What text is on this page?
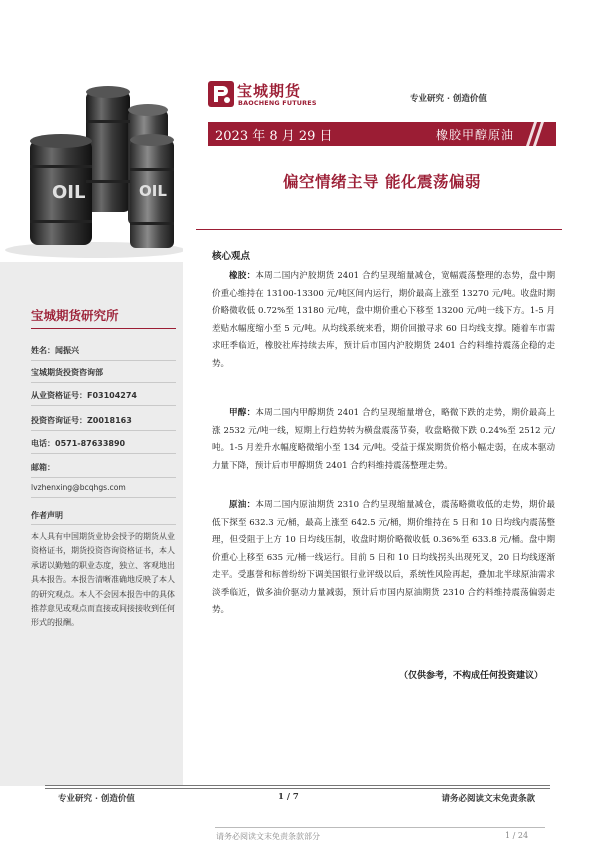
OIL	OIL
宝城期货研究所
姓名：闻振兴
宝城期货投资咨询部
从业资格证号：F03104274
投资咨询证号：Z0018163
电话：0571-87633890
邮箱：
lvzhenxing@bcqhgs.com
作者声明
本人具有中国期货业协会授予的期货从业资格证书，期货投资咨询资格证书，本人承诺以勤勉的职业态度，独立、客观地出具本报告。本报告清晰准确地反映了本人的研究观点。本人不会因本报告中的具体推荐意见或观点而直接或间接接收到任何形式的报酬。
宝城期货
BAOCHENG FUTURES	专业研究 · 创造价值
2023 年 8 月 29 日	橡胶甲醇原油
偏空情绪主导 能化震荡偏弱
核心观点

橡胶：本周二国内沪胶期货 2401 合约呈现缩量减仓，宽幅震荡整理的态势，盘中期价重心维持在 13100-13300 元/吨区间内运行，期价最高上涨至 13270 元/吨。收盘时期价略微收低 0.72%至 13180 元/吨，盘中期价重心下移至 13200 元/吨一线下方。1-5 月差贴水幅度缩小至 5 元/吨。从均线系统来看，期价回撤寻求 60 日均线支撑。随着车市需求旺季临近，橡胶社库持续去库，预计后市国内沪胶期货 2401 合约料维持震荡企稳的走势。

甲醇：本周二国内甲醇期货 2401 合约呈现缩量增仓，略微下跌的走势，期价最高上涨 2532 元/吨一线，短期上行趋势转为横盘震荡节奏，收盘略微下跌 0.24%至 2512 元/吨。1-5 月差升水幅度略微缩小至 134 元/吨。受益于煤炭期货价格小幅走弱，在成本驱动力量下降，预计后市甲醇期货 2401 合约料维持震荡整理走势。

原油：本周二国内原油期货 2310 合约呈现缩量减仓，震荡略微收低的走势，期价最低下探至 632.3 元/桶，最高上涨至 642.5 元/桶，期价维持在 5 日和 10 日均线内震荡整理，但受阻于上方 10 日均线压制，收盘时期价略微收低 0.36%至 633.8 元/桶。盘中期价重心上移至 635 元/桶一线运行。目前 5 日和 10 日均线拐头出现死叉，20 日均线逐渐走平。受惠誉和标普纷纷下调美国银行业评级以后，系统性风险再起，叠加北半球原油需求淡季临近，做多油价驱动力量减弱，预计后市国内原油期货 2310 合约料维持震荡偏弱走势。

（仅供参考，不构成任何投资建议）
专业研究 · 创造价值	1 / 7	请务必阅读文末免责条款
请务必阅读文末免责条款部分	1 / 24
